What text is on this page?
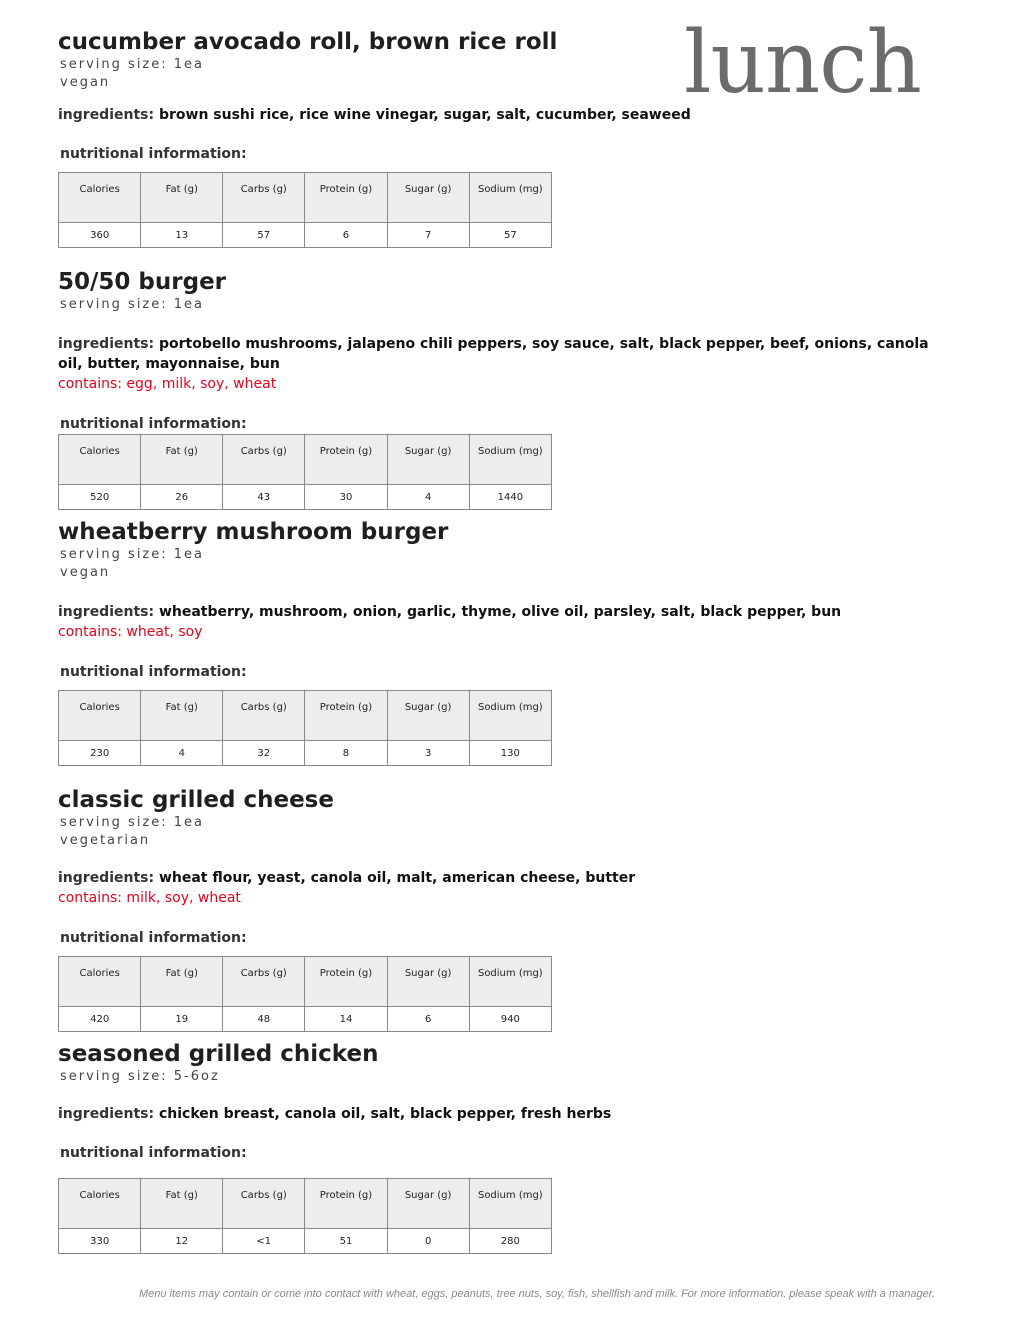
lunch
cucumber avocado roll, brown rice roll
serving size: 1ea
vegan
ingredients: brown sushi rice, rice wine vinegar, sugar, salt, cucumber, seaweed
nutritional information:
Calories	Fat (g)	Carbs (g)	Protein (g)	Sugar (g)	Sodium (mg)
360	13	57	6	7	57
50/50 burger
serving size: 1ea
ingredients: portobello mushrooms, jalapeno chili peppers, soy sauce, salt, black pepper, beef, onions, canola oil, butter, mayonnaise, bun
contains: egg, milk, soy, wheat
nutritional information:
Calories	Fat (g)	Carbs (g)	Protein (g)	Sugar (g)	Sodium (mg)
520	26	43	30	4	1440
wheatberry mushroom burger
serving size: 1ea
vegan
ingredients: wheatberry, mushroom, onion, garlic, thyme, olive oil, parsley, salt, black pepper, bun
contains: wheat, soy
nutritional information:
Calories	Fat (g)	Carbs (g)	Protein (g)	Sugar (g)	Sodium (mg)
230	4	32	8	3	130
classic grilled cheese
serving size: 1ea
vegetarian
ingredients: wheat flour, yeast, canola oil, malt, american cheese, butter
contains: milk, soy, wheat
nutritional information:
Calories	Fat (g)	Carbs (g)	Protein (g)	Sugar (g)	Sodium (mg)
420	19	48	14	6	940
seasoned grilled chicken
serving size: 5-6oz
ingredients: chicken breast, canola oil, salt, black pepper, fresh herbs
nutritional information:
Calories	Fat (g)	Carbs (g)	Protein (g)	Sugar (g)	Sodium (mg)
330	12	<1	51	0	280
Menu items may contain or come into contact with wheat, eggs, peanuts, tree nuts, soy, fish, shellfish and milk. For more information, please speak with a manager.
